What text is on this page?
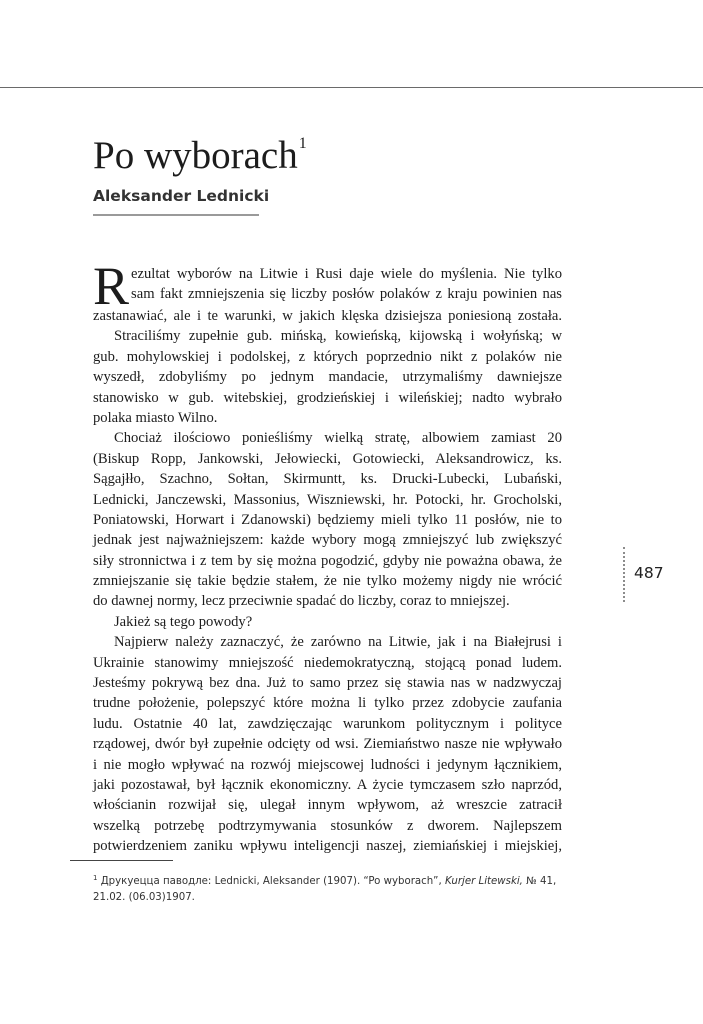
Po wyborach$^1$
Aleksander Lednicki

R ezultat wyborów na Litwie i Rusi daje wiele do myślenia. Nie tylko
sam fakt zmniejszenia się liczby posłów polaków z kraju powinien nas
zastanawiać, ale i te warunki, w jakich klęska dzisiejsza poniesioną została.

Straciliśmy zupełnie gub. mińską, kowieńską, kijowską i wołyńską; w
gub. mohylowskiej i podolskej, z których poprzednio nikt z polaków nie
wyszedł, zdobyliśmy po jednym mandacie, utrzymaliśmy dawniejsze
stanowisko w gub. witebskiej, grodzieńskiej i wileńskiej; nadto wybrało
polaka miasto Wilno.

Chociaż ilościowo ponieśliśmy wielką stratę, albowiem zamiast 20
(Biskup Ropp, Jankowski, Jełowiecki, Gotowiecki, Aleksandrowicz, ks.
Sągajłło, Szachno, Sołtan, Skirmuntt, ks. Drucki-Lubecki, Lubański,
Lednicki, Janczewski, Massonius, Wiszniewski, hr. Potocki, hr. Grocholski,
Poniatowski, Horwart i Zdanowski) będziemy mieli tylko 11 posłów, nie to
jednak jest najważniejszem: każde wybory mogą zmniejszyć lub zwiększyć
siły stronnictwa i z tem by się można pogodzić, gdyby nie poważna obawa, że
zmniejszanie się takie będzie stałem, że nie tylko możemy nigdy nie wrócić
do dawnej normy, lecz przeciwnie spadać do liczby, coraz to mniejszej.

Jakież są tego powody?

Najpierw należy zaznaczyć, że zarówno na Litwie, jak i na Białejrusi i
Ukrainie stanowimy mniejszość niedemokratyczną, stojącą ponad ludem.
Jesteśmy pokrywą bez dna. Już to samo przez się stawia nas w nadzwyczaj
trudne położenie, polepszyć które można li tylko przez zdobycie zaufania
ludu. Ostatnie 40 lat, zawdzięczając warunkom politycznym i polityce
rządowej, dwór był zupełnie odcięty od wsi. Ziemiaństwo nasze nie wpływało
i nie mogło wpływać na rozwój miejscowej ludności i jedynym łącznikiem,
jaki pozostawał, był łącznik ekonomiczny. A życie tymczasem szło naprzód,
włościanin rozwijał się, ulegał innym wpływom, aż wreszcie zatracił
wszelką potrzebę podtrzymywania stosunków z dworem. Najlepszem
potwierdzeniem zaniku wpływu inteligencji naszej, ziemiańskiej i miejskiej,

487
$^1$ Друкуецца паводле: Lednicki, Aleksander (1907). “Po wyborach”, Kurjer Litewski, № 41, 21.02. (06.03)1907.
